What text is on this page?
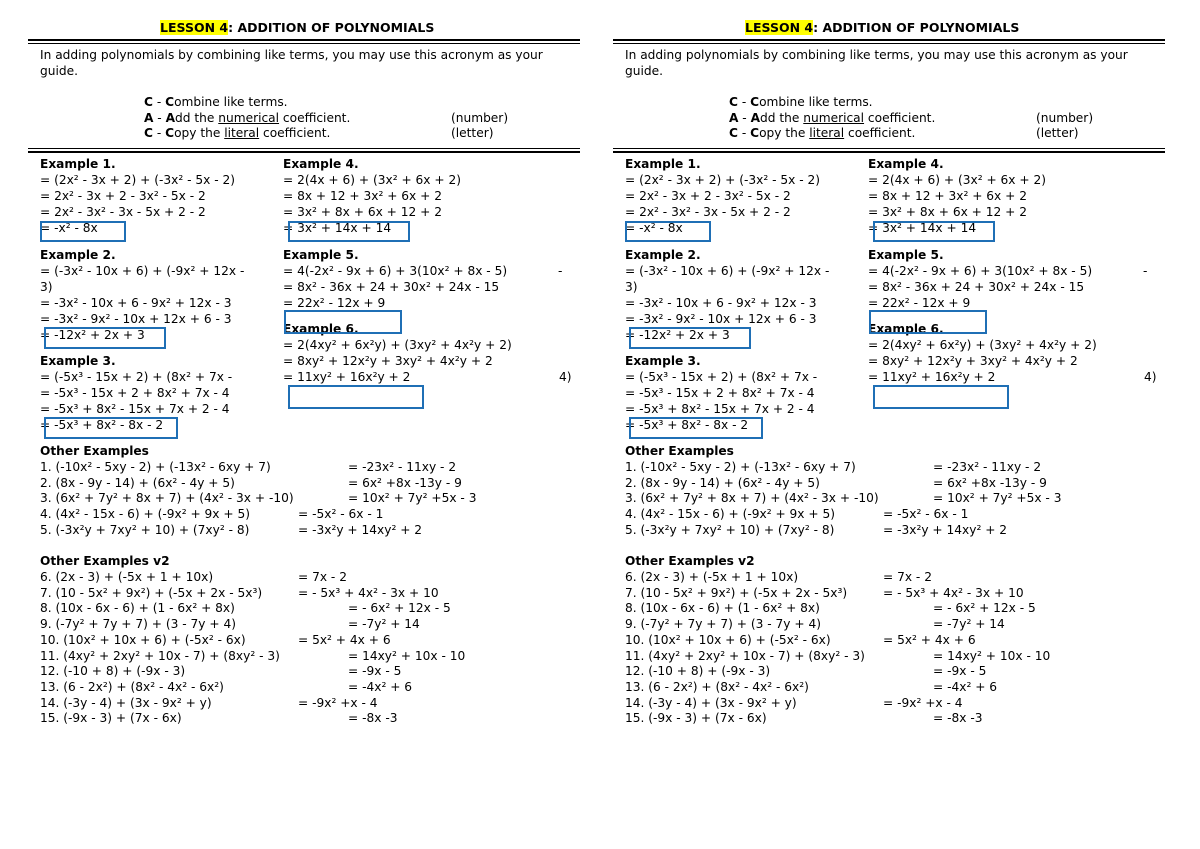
LESSON 4: ADDITION OF POLYNOMIALS
In adding polynomials by combining like terms, you may use this acronym as your guide.
C - Combine like terms.
A - Add the numerical coefficient.	(number)
C - Copy the literal coefficient.	(letter)
Example 1.
= (2x² - 3x + 2) + (-3x² - 5x - 2)
= 2x² - 3x + 2 - 3x² - 5x - 2
= 2x² - 3x² - 3x - 5x + 2 - 2
= -x² - 8x
Example 2.
= (-3x² - 10x + 6) + (-9x² + 12x -
3)
= -3x² - 10x + 6 - 9x² + 12x - 3
= -3x² - 9x² - 10x + 12x + 6 - 3
= -12x² + 2x + 3
Example 3.
= (-5x³ - 15x + 2) + (8x² + 7x -
= -5x³ - 15x + 2 + 8x² + 7x - 4
= -5x³ + 8x² - 15x + 7x + 2 - 4
= -5x³ + 8x² - 8x - 2
Example 4.
= 2(4x + 6) + (3x² + 6x + 2)
= 8x + 12 + 3x² + 6x + 2
= 3x² + 8x + 6x + 12 + 2
= 3x² + 14x + 14
Example 5.
= 4(-2x² - 9x + 6) + 3(10x² + 8x - 5)
= 8x² - 36x + 24 + 30x² + 24x - 15
= 22x² - 12x + 9
Example 6.
= 2(4xy² + 6x²y) + (3xy² + 4x²y + 2)
= 8xy² + 12x²y + 3xy² + 4x²y + 2
= 11xy² + 16x²y + 2
-
4)
Other Examples
1. (-10x² - 5xy - 2) + (-13x² - 6xy + 7)	= -23x² - 11xy - 2
2. (8x - 9y - 14) + (6x² - 4y + 5)	= 6x² +8x -13y - 9
3. (6x² + 7y² + 8x + 7) + (4x² - 3x + -10)	= 10x² + 7y² +5x - 3
4. (4x² - 15x - 6) + (-9x² + 9x + 5)	= -5x² - 6x - 1
5. (-3x²y + 7xy² + 10) + (7xy² - 8)	= -3x²y + 14xy² + 2
Other Examples v2
6. (2x - 3) + (-5x + 1 + 10x)	= 7x - 2
7. (10 - 5x² + 9x²) + (-5x + 2x - 5x³)	= - 5x³ + 4x² - 3x + 10
8. (10x - 6x - 6) + (1 - 6x² + 8x)	= - 6x² + 12x - 5
9. (-7y² + 7y + 7) + (3 - 7y + 4)	= -7y² + 14
10. (10x² + 10x + 6) + (-5x² - 6x)	= 5x² + 4x + 6
11. (4xy² + 2xy² + 10x - 7) + (8xy² - 3)	= 14xy² + 10x - 10
12. (-10 + 8) + (-9x - 3)	= -9x - 5
13. (6 - 2x²) + (8x² - 4x² - 6x²)	= -4x² + 6
14. (-3y - 4) + (3x - 9x² + y)	= -9x² +x - 4
15. (-9x - 3) + (7x - 6x)	= -8x -3
LESSON 4: ADDITION OF POLYNOMIALS
In adding polynomials by combining like terms, you may use this acronym as your guide.
C - Combine like terms.
A - Add the numerical coefficient.	(number)
C - Copy the literal coefficient.	(letter)
Example 1.
= (2x² - 3x + 2) + (-3x² - 5x - 2)
= 2x² - 3x + 2 - 3x² - 5x - 2
= 2x² - 3x² - 3x - 5x + 2 - 2
= -x² - 8x
Example 2.
= (-3x² - 10x + 6) + (-9x² + 12x -
3)
= -3x² - 10x + 6 - 9x² + 12x - 3
= -3x² - 9x² - 10x + 12x + 6 - 3
= -12x² + 2x + 3
Example 3.
= (-5x³ - 15x + 2) + (8x² + 7x -
= -5x³ - 15x + 2 + 8x² + 7x - 4
= -5x³ + 8x² - 15x + 7x + 2 - 4
= -5x³ + 8x² - 8x - 2
Example 4.
= 2(4x + 6) + (3x² + 6x + 2)
= 8x + 12 + 3x² + 6x + 2
= 3x² + 8x + 6x + 12 + 2
= 3x² + 14x + 14
Example 5.
= 4(-2x² - 9x + 6) + 3(10x² + 8x - 5)
= 8x² - 36x + 24 + 30x² + 24x - 15
= 22x² - 12x + 9
Example 6.
= 2(4xy² + 6x²y) + (3xy² + 4x²y + 2)
= 8xy² + 12x²y + 3xy² + 4x²y + 2
= 11xy² + 16x²y + 2
-
4)
Other Examples
1. (-10x² - 5xy - 2) + (-13x² - 6xy + 7)	= -23x² - 11xy - 2
2. (8x - 9y - 14) + (6x² - 4y + 5)	= 6x² +8x -13y - 9
3. (6x² + 7y² + 8x + 7) + (4x² - 3x + -10)	= 10x² + 7y² +5x - 3
4. (4x² - 15x - 6) + (-9x² + 9x + 5)	= -5x² - 6x - 1
5. (-3x²y + 7xy² + 10) + (7xy² - 8)	= -3x²y + 14xy² + 2
Other Examples v2
6. (2x - 3) + (-5x + 1 + 10x)	= 7x - 2
7. (10 - 5x² + 9x²) + (-5x + 2x - 5x³)	= - 5x³ + 4x² - 3x + 10
8. (10x - 6x - 6) + (1 - 6x² + 8x)	= - 6x² + 12x - 5
9. (-7y² + 7y + 7) + (3 - 7y + 4)	= -7y² + 14
10. (10x² + 10x + 6) + (-5x² - 6x)	= 5x² + 4x + 6
11. (4xy² + 2xy² + 10x - 7) + (8xy² - 3)	= 14xy² + 10x - 10
12. (-10 + 8) + (-9x - 3)	= -9x - 5
13. (6 - 2x²) + (8x² - 4x² - 6x²)	= -4x² + 6
14. (-3y - 4) + (3x - 9x² + y)	= -9x² +x - 4
15. (-9x - 3) + (7x - 6x)	= -8x -3
